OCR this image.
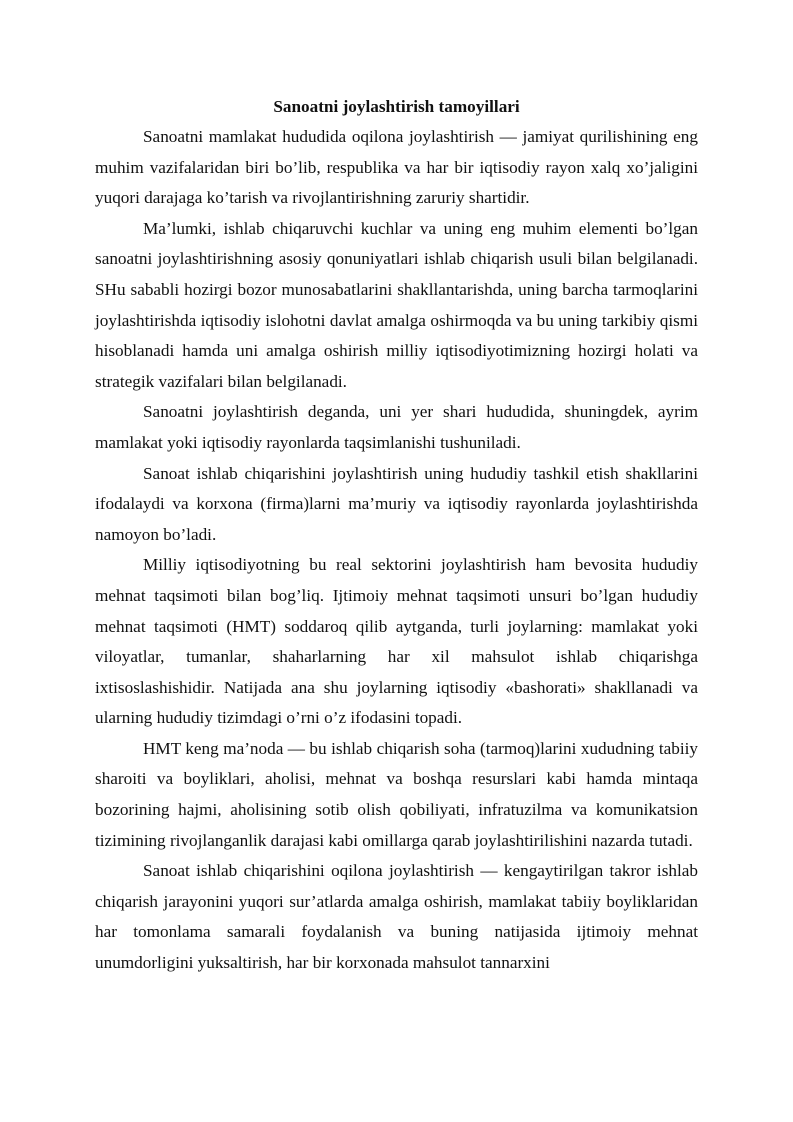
Sanoatni joylashtirish tamoyillari

Sanoatni mamlakat hududida oqilona joylashtirish — jamiyat qurilishining eng muhim vazifalaridan biri bo’lib, respublika va har bir iqtisodiy rayon xalq xo’jaligini yuqori darajaga ko’tarish va rivojlantirishning zaruriy shartidir.

Ma’lumki, ishlab chiqaruvchi kuchlar va uning eng muhim elementi bo’lgan sanoatni joylashtirishning asosiy qonuniyatlari ishlab chiqarish usuli bilan belgilanadi. SHu sababli hozirgi bozor munosabatlarini shakllantarishda, uning barcha tarmoqlarini joylashtirishda iqtisodiy islohotni davlat amalga oshirmoqda va bu uning tarkibiy qismi hisoblanadi hamda uni amalga oshirish milliy iqtisodiyotimizning hozirgi holati va strategik vazifalari bilan belgilanadi.

Sanoatni joylashtirish deganda, uni yer shari hududida, shuningdek, ayrim mamlakat yoki iqtisodiy rayonlarda taqsimlanishi tushuniladi.

Sanoat ishlab chiqarishini joylashtirish uning hududiy tashkil etish shakllarini ifodalaydi va korxona (firma)larni ma’muriy va iqtisodiy rayonlarda joylashtirishda namoyon bo’ladi.

Milliy iqtisodiyotning bu real sektorini joylashtirish ham bevosita hududiy mehnat taqsimoti bilan bog’liq. Ijtimoiy mehnat taqsimoti unsuri bo’lgan hududiy mehnat taqsimoti (HMT) soddaroq qilib aytganda, turli joylarning: mamlakat yoki viloyatlar, tumanlar, shaharlarning har xil mahsulot ishlab chiqarishga ixtisoslashishidir. Natijada ana shu joylarning iqtisodiy «bashorati» shakllanadi va ularning hududiy tizimdagi o’rni o’z ifodasini topadi.

HMT keng ma’noda — bu ishlab chiqarish soha (tarmoq)larini xududning tabiiy sharoiti va boyliklari, aholisi, mehnat va boshqa resurslari kabi hamda mintaqa bozorining hajmi, aholisining sotib olish qobiliyati, infratuzilma va komunikatsion tizimining rivojlanganlik darajasi kabi omillarga qarab joylashtirilishini nazarda tutadi.

Sanoat ishlab chiqarishini oqilona joylashtirish — kengaytirilgan takror ishlab chiqarish jarayonini yuqori sur’atlarda amalga oshirish, mamlakat tabiiy boyliklaridan har tomonlama samarali foydalanish va buning natijasida ijtimoiy mehnat unumdorligini yuksaltirish, har bir korxonada mahsulot tannarxini
